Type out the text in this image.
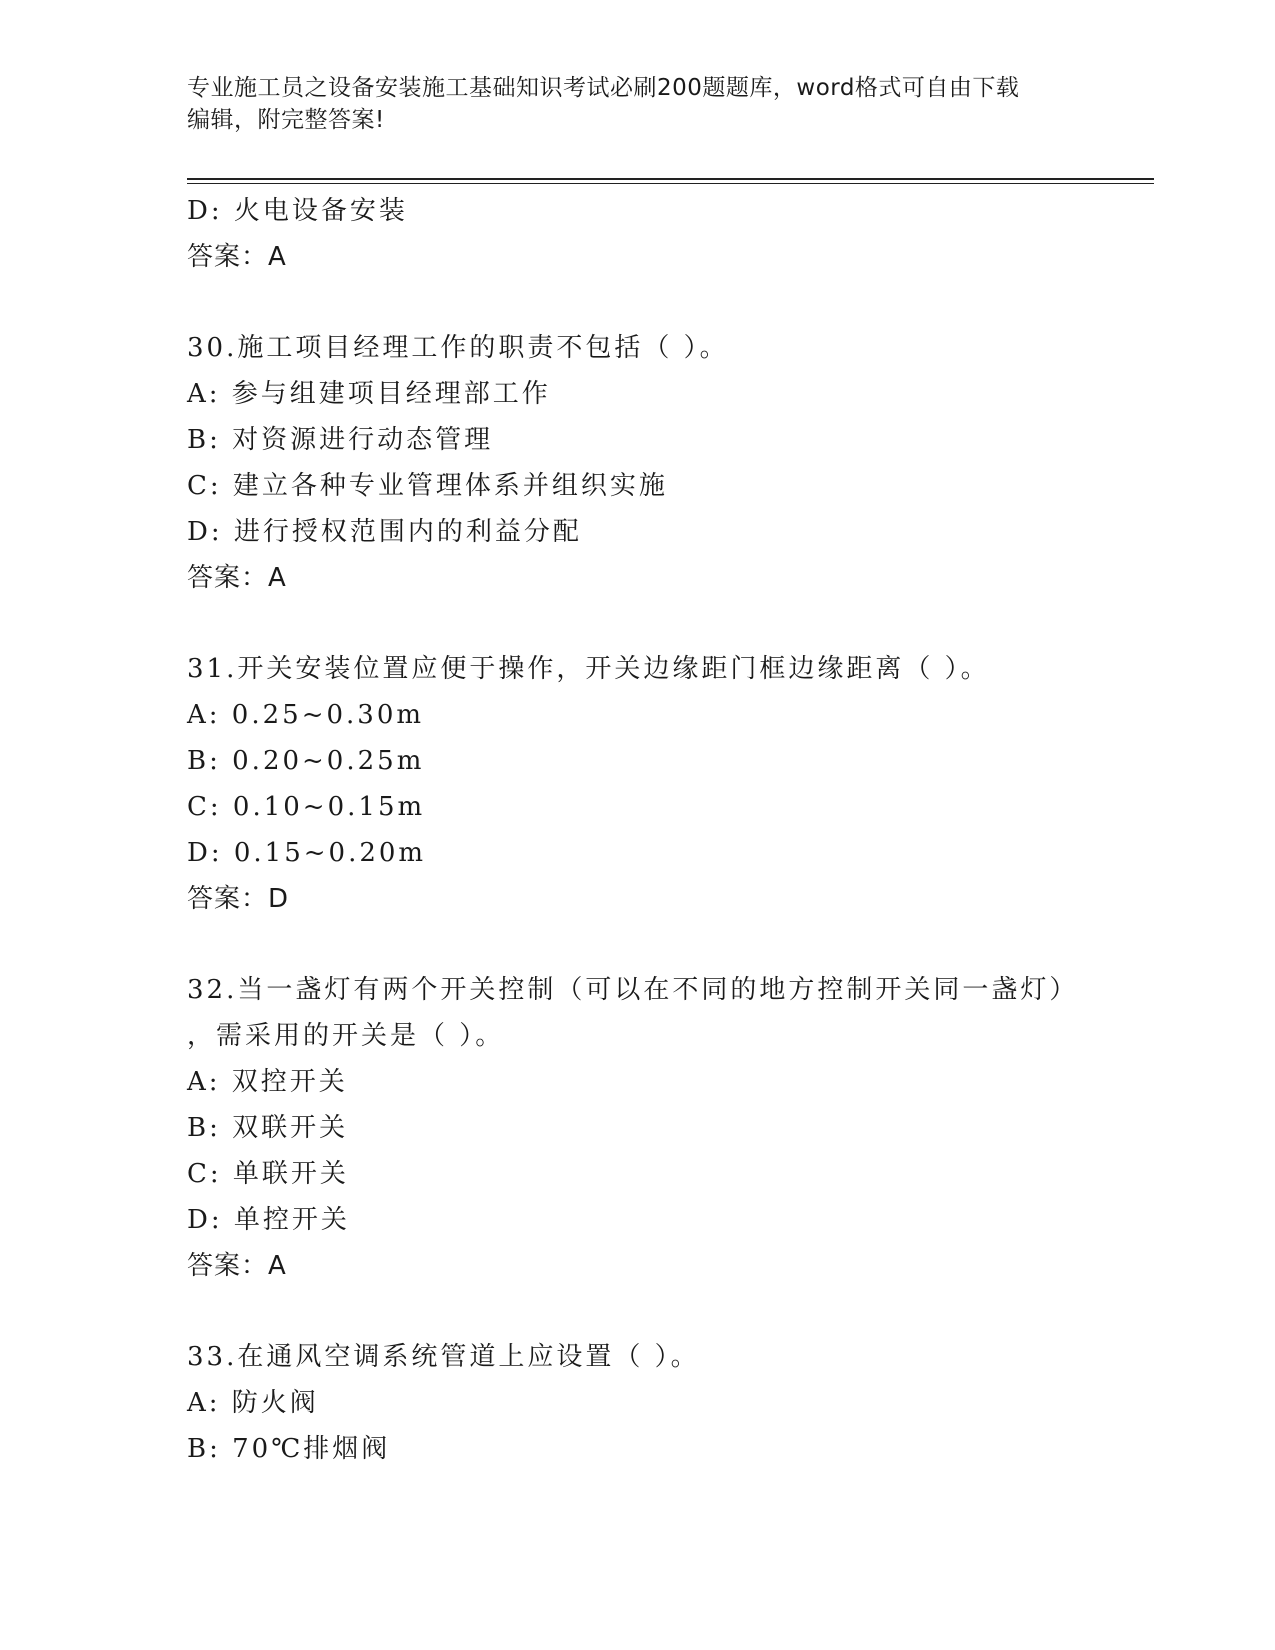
专业施工员之设备安装施工基础知识考试必刷200题题库，word格式可自由下载
编辑，附完整答案!
D: 火电设备安装
答案：A
30.施工项目经理工作的职责不包括（ ）。
A: 参与组建项目经理部工作
B: 对资源进行动态管理
C: 建立各种专业管理体系并组织实施
D: 进行授权范围内的利益分配
答案：A
31.开关安装位置应便于操作，开关边缘距门框边缘距离（ ）。
A: 0.25~0.30m
B: 0.20~0.25m
C: 0.10~0.15m
D: 0.15~0.20m
答案：D
32.当一盏灯有两个开关控制（可以在不同的地方控制开关同一盏灯）
，需采用的开关是（ ）。
A: 双控开关
B: 双联开关
C: 单联开关
D: 单控开关
答案：A
33.在通风空调系统管道上应设置（ ）。
A: 防火阀
B: 70℃排烟阀
